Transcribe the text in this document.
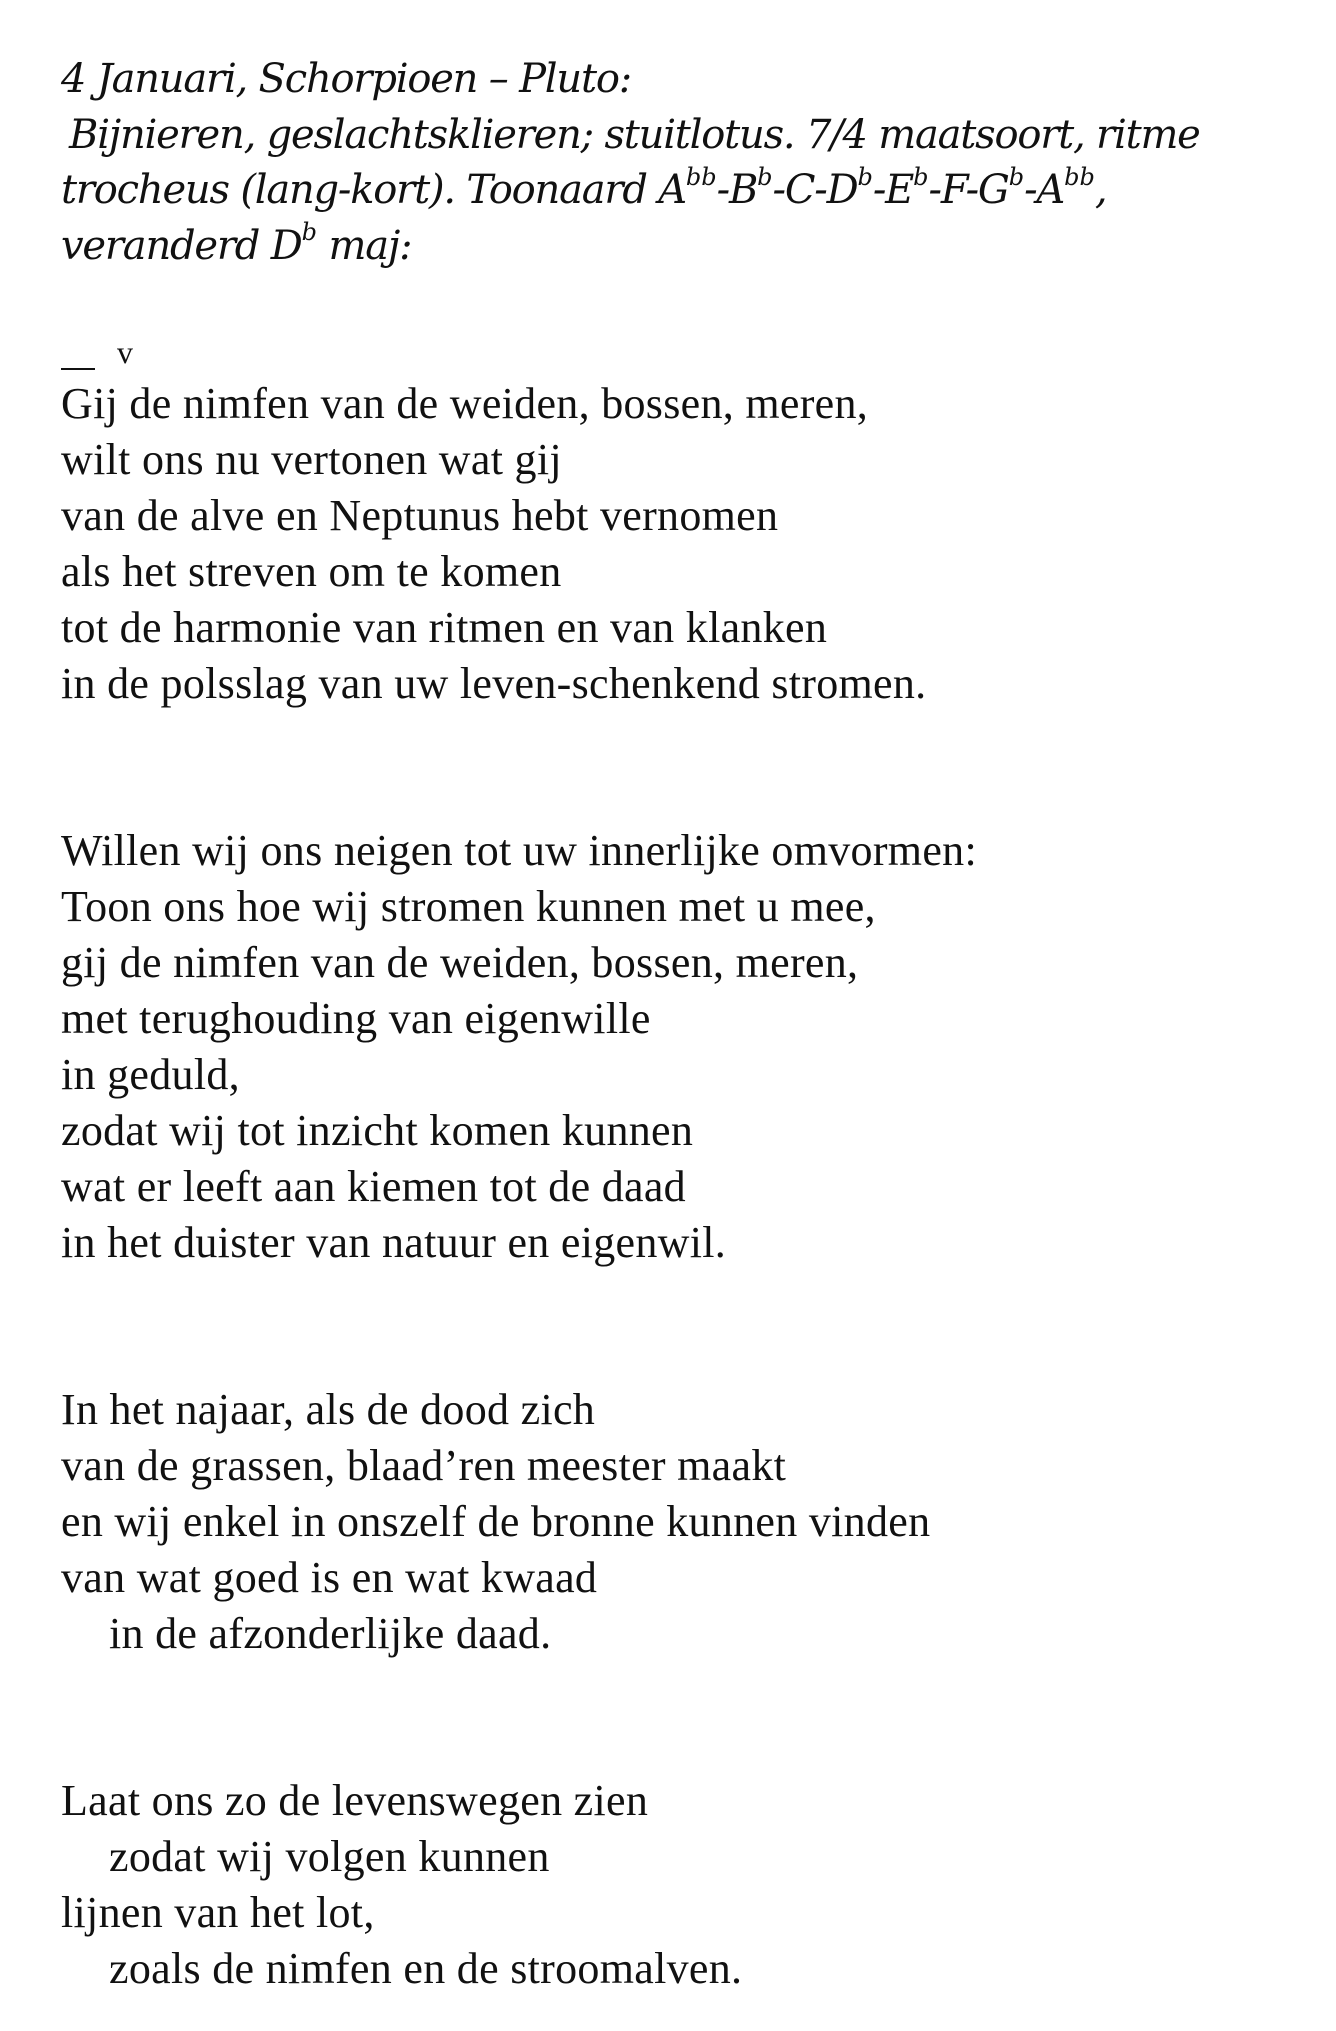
4 Januari, Schorpioen – Pluto:
Bijnieren, geslachtsklieren; stuitlotus. 7/4 maatsoort, ritme
trocheus (lang-kort). Toonaard $A^{bb}-B^b-C-D^b-E^b-F-G^b-A^{bb}$,
veranderd $D^b$ maj:
v
Gij de nimfen van de weiden, bossen, meren,
wilt ons nu vertonen wat gij
van de alve en Neptunus hebt vernomen
als het streven om te komen
tot de harmonie van ritmen en van klanken
in de polsslag van uw leven-schenkend stromen.
Willen wij ons neigen tot uw innerlijke omvormen:
Toon ons hoe wij stromen kunnen met u mee,
gij de nimfen van de weiden, bossen, meren,
met terughouding van eigenwille
in geduld,
zodat wij tot inzicht komen kunnen
wat er leeft aan kiemen tot de daad
in het duister van natuur en eigenwil.
In het najaar, als de dood zich
van de grassen, blaad’ren meester maakt
en wij enkel in onszelf de bronne kunnen vinden
van wat goed is en wat kwaad
in de afzonderlijke daad.
Laat ons zo de levenswegen zien
zodat wij volgen kunnen
lijnen van het lot,
zoals de nimfen en de stroomalven.
